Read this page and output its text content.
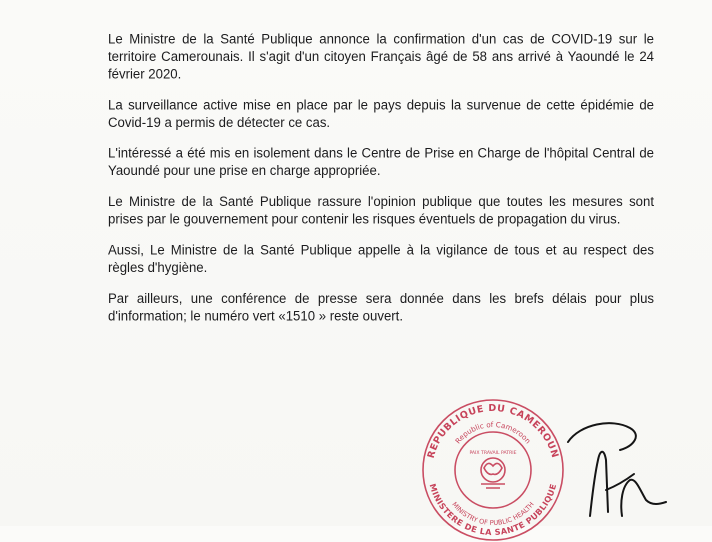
Le Ministre de la Santé Publique annonce la confirmation d'un cas de COVID-19 sur le territoire Camerounais. Il s'agit d'un citoyen Français âgé de 58 ans arrivé à Yaoundé le 24 février 2020.

La surveillance active mise en place par le pays depuis la survenue de cette épidémie de Covid-19 a permis de détecter ce cas.

L'intéressé a été mis en isolement dans le Centre de Prise en Charge de l'hôpital Central de Yaoundé pour une prise en charge appropriée.

Le Ministre de la Santé Publique rassure l'opinion publique que toutes les mesures sont prises par le gouvernement pour contenir les risques éventuels de propagation du virus.

Aussi, Le Ministre de la Santé Publique appelle à la vigilance de tous et au respect des règles d'hygiène.

Par ailleurs, une conférence de presse sera donnée dans les brefs délais pour plus d'information; le numéro vert «1510 » reste ouvert.

REPUBLIQUE DU CAMEROUN
Republic of Cameroon
PAIX TRAVAIL PATRIE
MINISTRY OF PUBLIC HEALTH
MINISTERE DE LA SANTE PUBLIQUE
